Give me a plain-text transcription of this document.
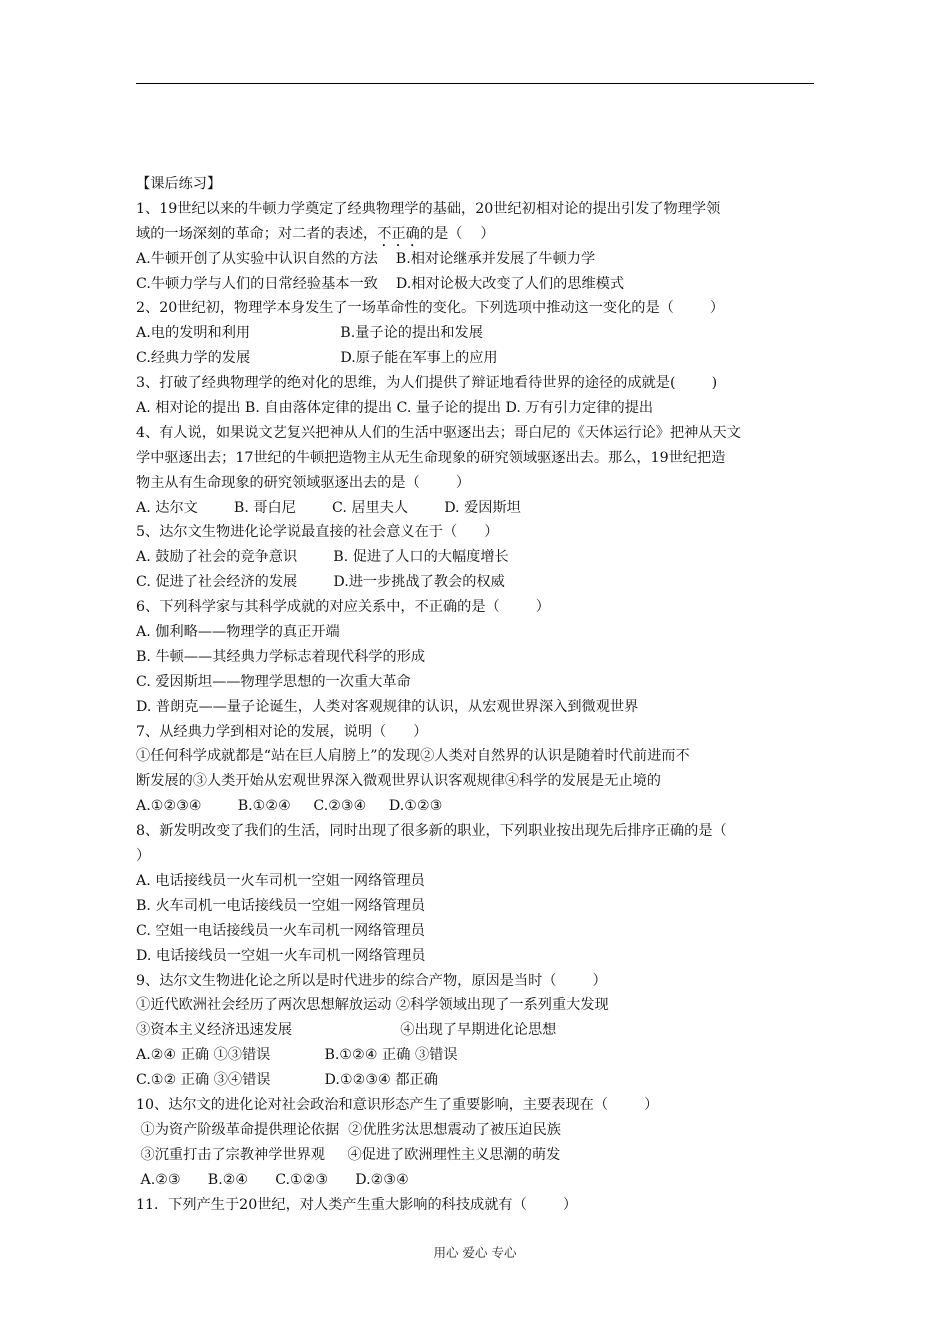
【课后练习】
1、19世纪以来的牛顿力学奠定了经典物理学的基础，20世纪初相对论的提出引发了物理学领
域的一场深刻的革命；对二者的表述，不正确的是（    ）
A.牛顿开创了从实验中认识自然的方法    B.相对论继承并发展了牛顿力学
C.牛顿力学与人们的日常经验基本一致    D.相对论极大改变了人们的思维模式
2、20世纪初，物理学本身发生了一场革命性的变化。下列选项中推动这一变化的是（        ）
A.电的发明和利用                    B.量子论的提出和发展
C.经典力学的发展                    D.原子能在军事上的应用
3、打破了经典物理学的绝对化的思维，为人们提供了辩证地看待世界的途径的成就是(        )
A. 相对论的提出 B. 自由落体定律的提出 C. 量子论的提出 D. 万有引力定律的提出
4、有人说，如果说文艺复兴把神从人们的生活中驱逐出去；哥白尼的《天体运行论》把神从天文
学中驱逐出去；17世纪的牛顿把造物主从无生命现象的研究领域驱逐出去。那么，19世纪把造
物主从有生命现象的研究领域驱逐出去的是（        ）
A. 达尔文        B. 哥白尼        C. 居里夫人        D. 爱因斯坦
5、达尔文生物进化论学说最直接的社会意义在于（      ）
A. 鼓励了社会的竞争意识        B. 促进了人口的大幅度增长
C. 促进了社会经济的发展        D.进一步挑战了教会的权威
6、下列科学家与其科学成就的对应关系中，不正确的是（        ）
A. 伽利略——物理学的真正开端
B. 牛顿——其经典力学标志着现代科学的形成
C. 爱因斯坦——物理学思想的一次重大革命
D. 普朗克——量子论诞生，人类对客观规律的认识，从宏观世界深入到微观世界
7、从经典力学到相对论的发展，说明（      ）
①任何科学成就都是“站在巨人肩膀上”的发现②人类对自然界的认识是随着时代前进而不
断发展的③人类开始从宏观世界深入微观世界认识客观规律④科学的发展是无止境的
A.①②③④        B.①②④     C.②③④     D.①②③
8、新发明改变了我们的生活，同时出现了很多新的职业，下列职业按出现先后排序正确的是（
）
A. 电话接线员一火车司机一空姐一网络管理员
B. 火车司机一电话接线员一空姐一网络管理员
C. 空姐一电话接线员一火车司机一网络管理员
D. 电话接线员一空姐一火车司机一网络管理员
9、达尔文生物进化论之所以是时代进步的综合产物，原因是当时（        ）
①近代欧洲社会经历了两次思想解放运动 ②科学领域出现了一系列重大发现
③资本主义经济迅速发展                        ④出现了早期进化论思想
A.②④ 正确 ①③错误            B.①②④ 正确 ③错误
C.①② 正确 ③④错误            D.①②③④ 都正确
10、达尔文的进化论对社会政治和意识形态产生了重要影响，主要表现在（        ）
①为资产阶级革命提供理论依据  ②优胜劣汰思想震动了被压迫民族
③沉重打击了宗教神学世界观     ④促进了欧洲理性主义思潮的萌发
A.②③      B.②④      C.①②③      D.②③④
11．下列产生于20世纪，对人类产生重大影响的科技成就有（        ）
用心 爱心 专心
